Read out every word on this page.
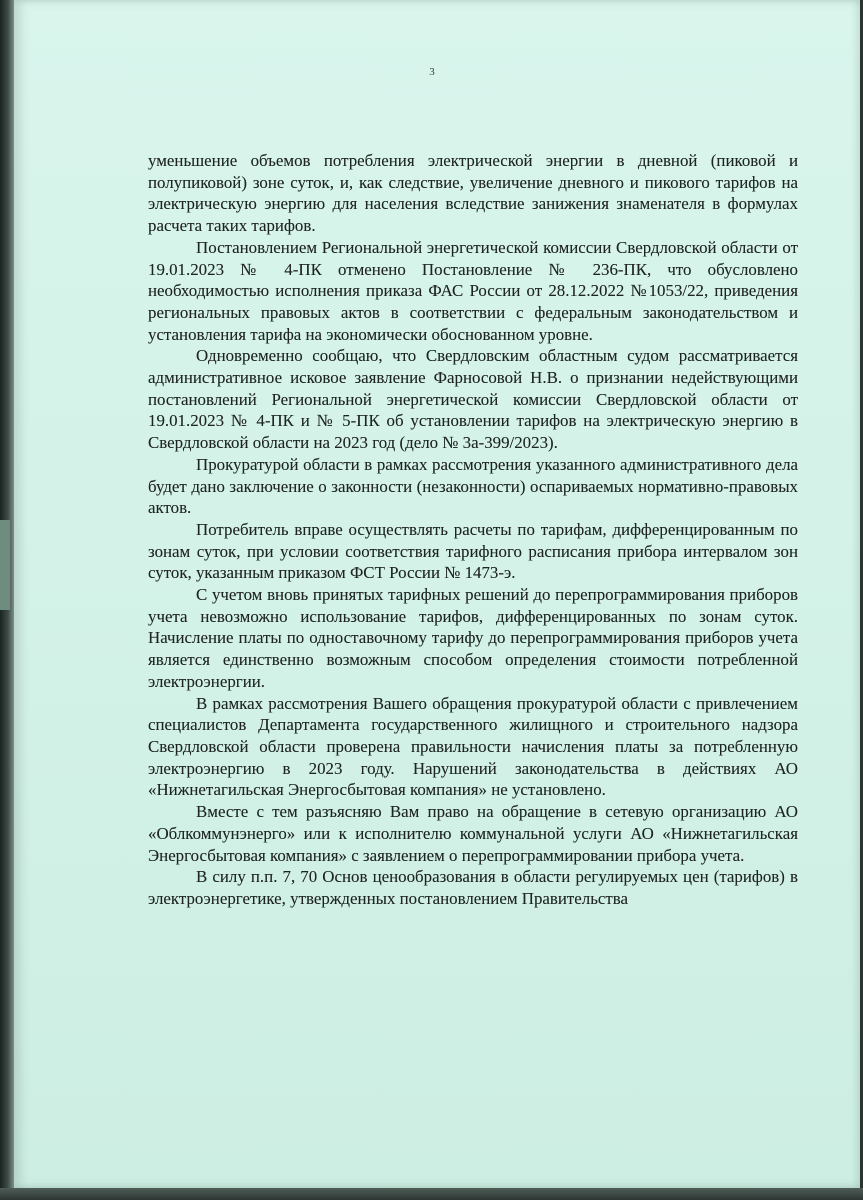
3

уменьшение объемов потребления электрической энергии в дневной (пиковой и полупиковой) зоне суток, и, как следствие, увеличение дневного и пикового тарифов на электрическую энергию для населения вследствие занижения знаменателя в формулах расчета таких тарифов.

Постановлением Региональной энергетической комиссии Свердловской области от 19.01.2023 № 4-ПК отменено Постановление № 236-ПК, что обусловлено необходимостью исполнения приказа ФАС России от 28.12.2022 №1053/22, приведения региональных правовых актов в соответствии с федеральным законодательством и установления тарифа на экономически обоснованном уровне.

Одновременно сообщаю, что Свердловским областным судом рассматривается административное исковое заявление Фарносовой Н.В. о признании недействующими постановлений Региональной энергетической комиссии Свердловской области от 19.01.2023 № 4-ПК и № 5-ПК об установлении тарифов на электрическую энергию в Свердловской области на 2023 год (дело № 3а-399/2023).

Прокуратурой области в рамках рассмотрения указанного административного дела будет дано заключение о законности (незаконности) оспариваемых нормативно-правовых актов.

Потребитель вправе осуществлять расчеты по тарифам, дифференцированным по зонам суток, при условии соответствия тарифного расписания прибора интервалом зон суток, указанным приказом ФСТ России № 1473-э.

С учетом вновь принятых тарифных решений до перепрограммирования приборов учета невозможно использование тарифов, дифференцированных по зонам суток. Начисление платы по одноставочному тарифу до перепрограммирования приборов учета является единственно возможным способом определения стоимости потребленной электроэнергии.

В рамках рассмотрения Вашего обращения прокуратурой области с привлечением специалистов Департамента государственного жилищного и строительного надзора Свердловской области проверена правильности начисления платы за потребленную электроэнергию в 2023 году. Нарушений законодательства в действиях АО «Нижнетагильская Энергосбытовая компания» не установлено.

Вместе с тем разъясняю Вам право на обращение в сетевую организацию АО «Облкоммунэнерго» или к исполнителю коммунальной услуги АО «Нижнетагильская Энергосбытовая компания» с заявлением о перепрограммировании прибора учета.

В силу п.п. 7, 70 Основ ценообразования в области регулируемых цен (тарифов) в электроэнергетике, утвержденных постановлением Правительства
